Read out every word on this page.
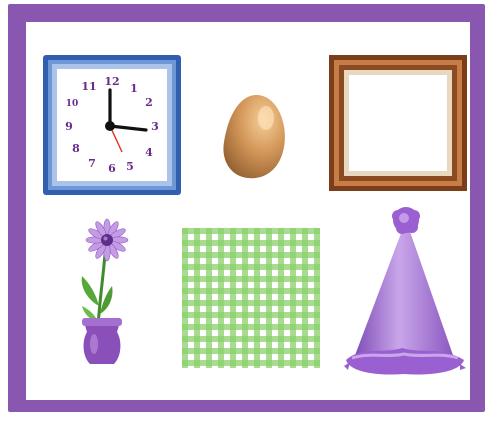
12
1
2
3
4
5
6
7
8
9
10
11
